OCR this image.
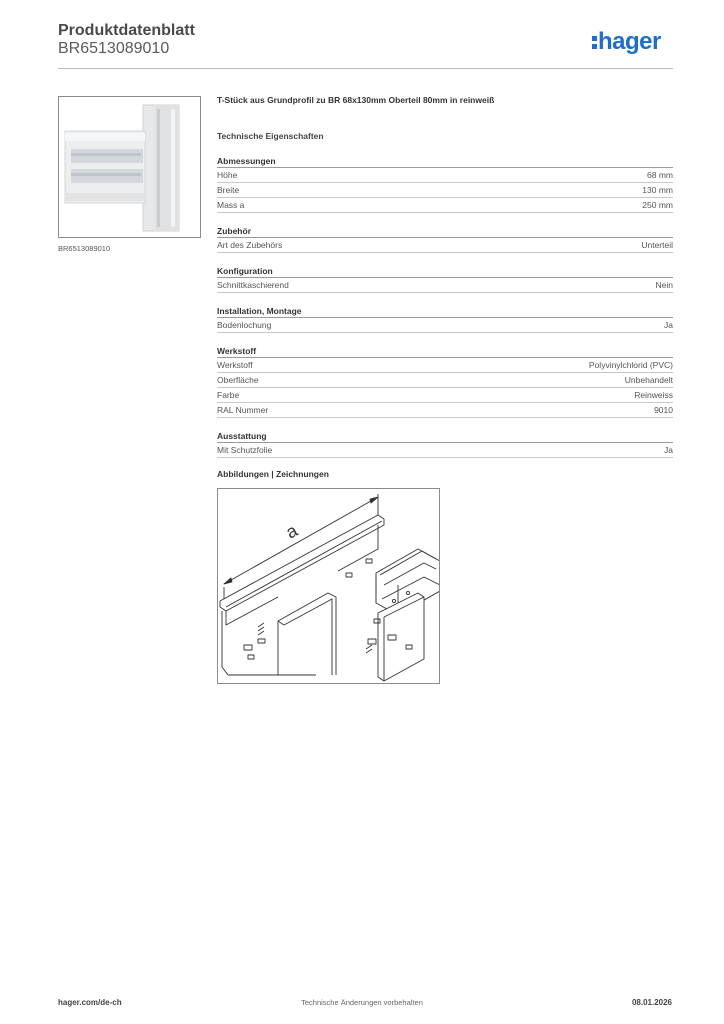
Produktdatenblatt
BR6513089010	hager
BR6513089010
T-Stück aus Grundprofil zu BR 68x130mm Oberteil 80mm in reinweiß
Technische Eigenschaften
Abmessungen
Höhe	68 mm
Breite	130 mm
Mass a	250 mm
Zubehör
Art des Zubehörs	Unterteil
Konfiguration
Schnittkaschierend	Nein
Installation, Montage
Bodenlochung	Ja
Werkstoff
Werkstoff	Polyvinylchlorid (PVC)
Oberfläche	Unbehandelt
Farbe	Reinweiss
RAL Nummer	9010
Ausstattung
Mit Schutzfolie	Ja
Abbildungen | Zeichnungen
a
hager.com/de-ch	Technische Änderungen vorbehalten	08.01.2026
